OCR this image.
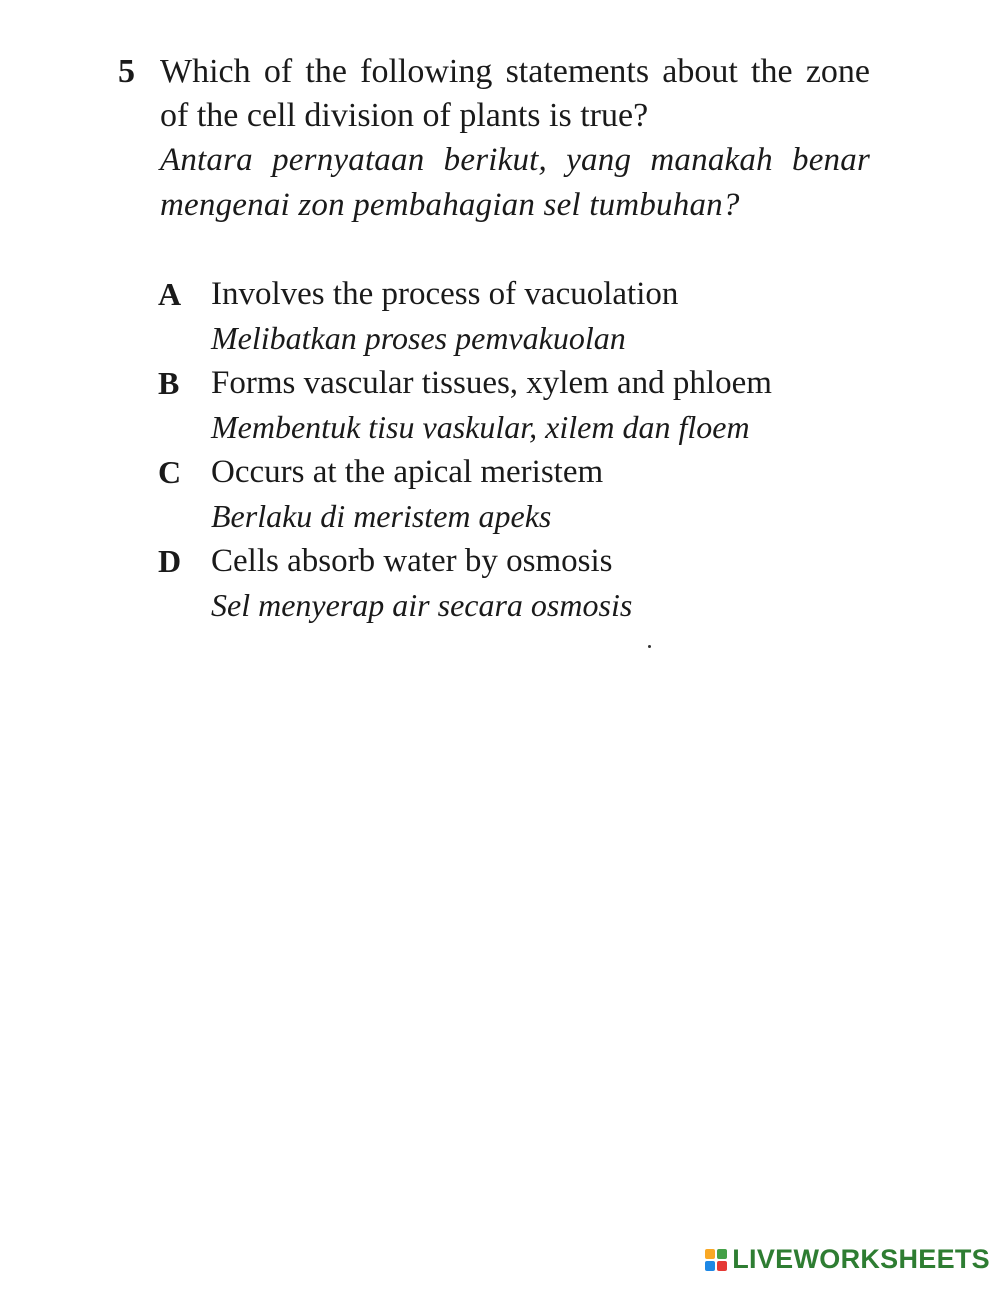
5 Which of the following statements about the zone of the cell division of plants is true?
Antara pernyataan berikut, yang manakah benar mengenai zon pembahagian sel tumbuhan?
A Involves the process of vacuolation
Melibatkan proses pemvakuolan
B Forms vascular tissues, xylem and phloem
Membentuk tisu vaskular, xilem dan floem
C Occurs at the apical meristem
Berlaku di meristem apeks
D Cells absorb water by osmosis
Sel menyerap air secara osmosis
LIVEWORKSHEETS
